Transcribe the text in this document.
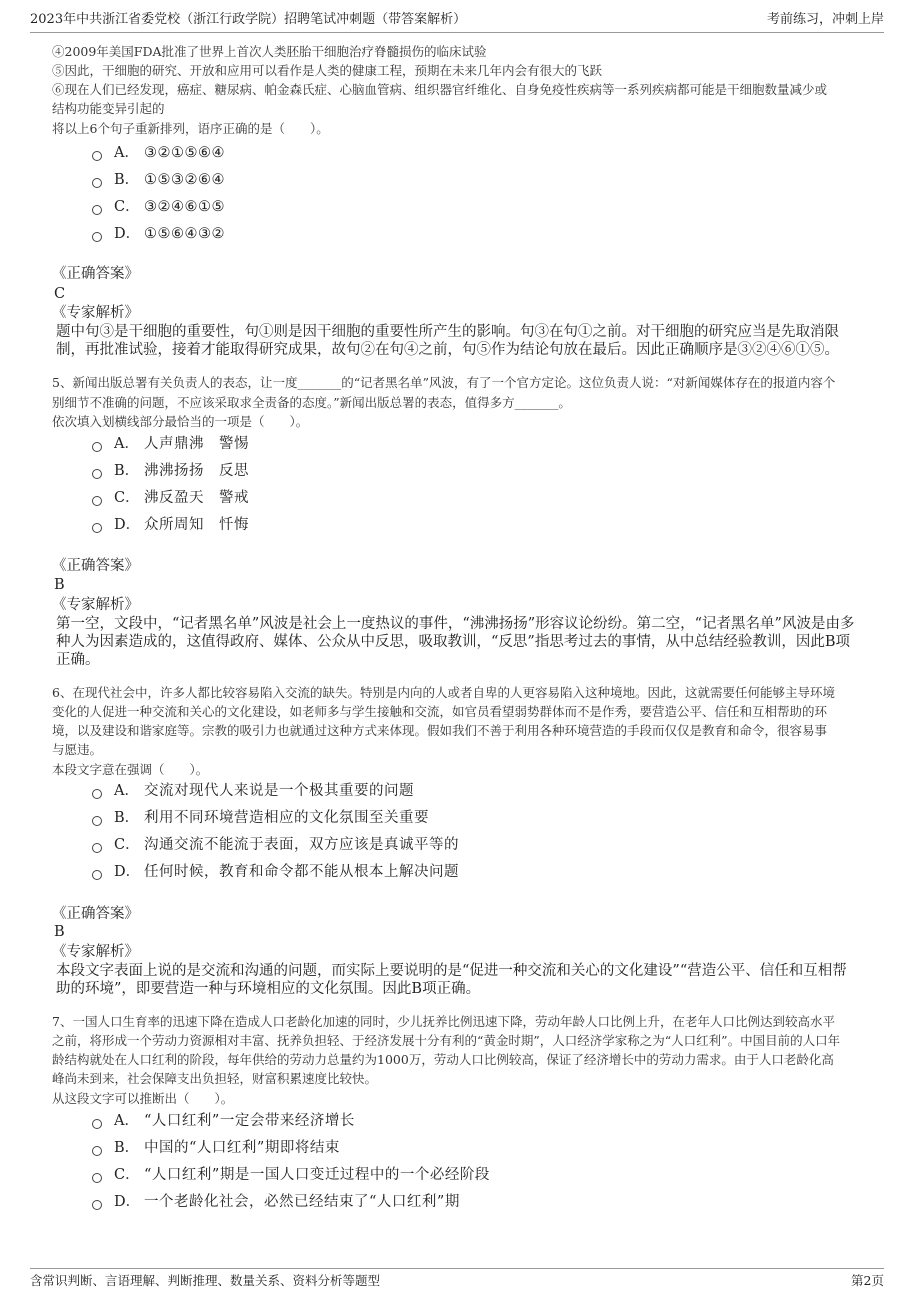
2023年中共浙江省委党校（浙江行政学院）招聘笔试冲刺题（带答案解析）	考前练习，冲刺上岸
④2009年美国FDA批准了世界上首次人类胚胎干细胞治疗脊髓损伤的临床试验
⑤因此，干细胞的研究、开放和应用可以看作是人类的健康工程，预期在未来几年内会有很大的飞跃
⑥现在人们已经发现，癌症、糖尿病、帕金森氏症、心脑血管病、组织器官纤维化、自身免疫性疾病等一系列疾病都可能是干细胞数量减少或
结构功能变异引起的
将以上6个句子重新排列，语序正确的是（　　）。
A． ③②①⑤⑥④
B． ①⑤③②⑥④
C． ③②④⑥①⑤
D． ①⑤⑥④③②
《正确答案》
C
《专家解析》
题中句③是干细胞的重要性，句①则是因干细胞的重要性所产生的影响。句③在句①之前。对干细胞的研究应当是先取消限
制，再批准试验，接着才能取得研究成果，故句②在句④之前，句⑤作为结论句放在最后。因此正确顺序是③②④⑥①⑤。
5、新闻出版总署有关负责人的表态，让一度_______的“记者黑名单”风波，有了一个官方定论。这位负责人说：“对新闻媒体存在的报道内容个
别细节不准确的问题，不应该采取求全责备的态度。”新闻出版总署的表态，值得多方_______。
依次填入划横线部分最恰当的一项是（　　）。
A． 人声鼎沸　警惕
B． 沸沸扬扬　反思
C． 沸反盈天　警戒
D． 众所周知　忏悔
《正确答案》
B
《专家解析》
第一空，文段中，“记者黑名单”风波是社会上一度热议的事件，“沸沸扬扬”形容议论纷纷。第二空，“记者黑名单”风波是由多
种人为因素造成的，这值得政府、媒体、公众从中反思，吸取教训，“反思”指思考过去的事情，从中总结经验教训，因此B项
正确。
6、在现代社会中，许多人都比较容易陷入交流的缺失。特别是内向的人或者自卑的人更容易陷入这种境地。因此，这就需要任何能够主导环境
变化的人促进一种交流和关心的文化建设，如老师多与学生接触和交流，如官员看望弱势群体而不是作秀，要营造公平、信任和互相帮助的环
境，以及建设和谐家庭等。宗教的吸引力也就通过这种方式来体现。假如我们不善于利用各种环境营造的手段而仅仅是教育和命令，很容易事
与愿违。
本段文字意在强调（　　）。
A． 交流对现代人来说是一个极其重要的问题
B． 利用不同环境营造相应的文化氛围至关重要
C． 沟通交流不能流于表面，双方应该是真诚平等的
D． 任何时候，教育和命令都不能从根本上解决问题
《正确答案》
B
《专家解析》
本段文字表面上说的是交流和沟通的问题，而实际上要说明的是“促进一种交流和关心的文化建设”“营造公平、信任和互相帮
助的环境”，即要营造一种与环境相应的文化氛围。因此B项正确。
7、一国人口生育率的迅速下降在造成人口老龄化加速的同时，少儿抚养比例迅速下降，劳动年龄人口比例上升，在老年人口比例达到较高水平
之前，将形成一个劳动力资源相对丰富、抚养负担轻、于经济发展十分有利的“黄金时期”，人口经济学家称之为“人口红利”。中国目前的人口年
龄结构就处在人口红利的阶段，每年供给的劳动力总量约为1000万，劳动人口比例较高，保证了经济增长中的劳动力需求。由于人口老龄化高
峰尚未到来，社会保障支出负担轻，财富积累速度比较快。
从这段文字可以推断出（　　）。
A． “人口红利”一定会带来经济增长
B． 中国的“人口红利”期即将结束
C． “人口红利”期是一国人口变迁过程中的一个必经阶段
D． 一个老龄化社会，必然已经结束了“人口红利”期
含常识判断、言语理解、判断推理、数量关系、资料分析等题型	第2页
